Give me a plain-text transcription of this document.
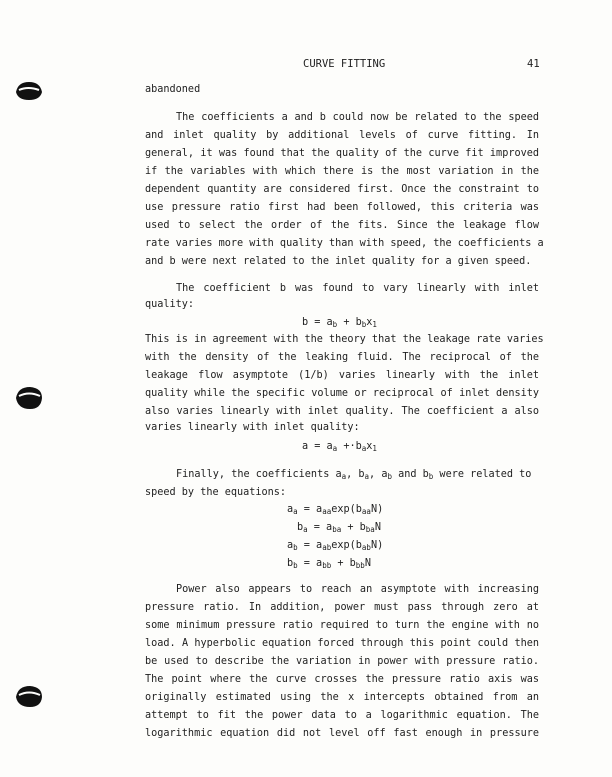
CURVE FITTING	41
abandoned
The coefficients a and b could now be related to the speed
and inlet quality by additional levels of curve fitting. In
general, it was found that the quality of the curve fit improved
if the variables with which there is the most variation in the
dependent quantity are considered first. Once the constraint to
use pressure ratio first had been followed, this criteria was
used to select the order of the fits. Since the leakage flow
rate varies more with quality than with speed, the coefficients a
and b were next related to the inlet quality for a given speed.
The coefficient b was found to vary linearly with inlet
quality:
$b = a_b + b_bx_1$
This is in agreement with the theory that the leakage rate varies
with the density of the leaking fluid. The reciprocal of the
leakage flow asymptote (1/b) varies linearly with the inlet
quality while the specific volume or reciprocal of inlet density
also varies linearly with inlet quality. The coefficient a also
varies linearly with inlet quality:
$a = a_a +\cdot b_ax_1$
Finally, the coefficients $a_a$, $b_a$, $a_b$ and $b_b$ were related to
speed by the equations:
$a_a = a_{aa}\exp(b_{aa}N)$
$b_a = a_{ba} + b_{ba}N$
$a_b = a_{ab}\exp(b_{ab}N)$
$b_b = a_{bb} + b_{bb}N$
Power also appears to reach an asymptote with increasing
pressure ratio. In addition, power must pass through zero at
some minimum pressure ratio required to turn the engine with no
load. A hyperbolic equation forced through this point could then
be used to describe the variation in power with pressure ratio.
The point where the curve crosses the pressure ratio axis was
originally estimated using the x intercepts obtained from an
attempt to fit the power data to a logarithmic equation. The
logarithmic equation did not level off fast enough in pressure
